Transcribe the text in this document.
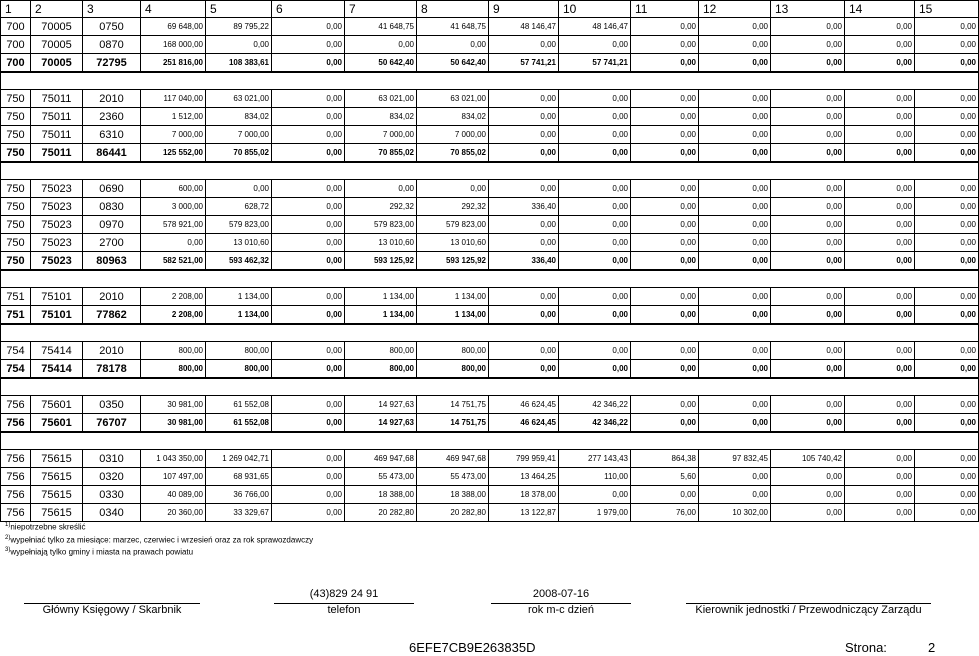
1	2	3	4	5	6	7	8	9	10	11	12	13	14	15
700	70005	0750	69 648,00	89 795,22	0,00	41 648,75	41 648,75	48 146,47	48 146,47	0,00	0,00	0,00	0,00	0,00
700	70005	0870	168 000,00	0,00	0,00	0,00	0,00	0,00	0,00	0,00	0,00	0,00	0,00	0,00
700	70005	72795	251 816,00	108 383,61	0,00	50 642,40	50 642,40	57 741,21	57 741,21	0,00	0,00	0,00	0,00	0,00

750	75011	2010	117 040,00	63 021,00	0,00	63 021,00	63 021,00	0,00	0,00	0,00	0,00	0,00	0,00	0,00
750	75011	2360	1 512,00	834,02	0,00	834,02	834,02	0,00	0,00	0,00	0,00	0,00	0,00	0,00
750	75011	6310	7 000,00	7 000,00	0,00	7 000,00	7 000,00	0,00	0,00	0,00	0,00	0,00	0,00	0,00
750	75011	86441	125 552,00	70 855,02	0,00	70 855,02	70 855,02	0,00	0,00	0,00	0,00	0,00	0,00	0,00

750	75023	0690	600,00	0,00	0,00	0,00	0,00	0,00	0,00	0,00	0,00	0,00	0,00	0,00
750	75023	0830	3 000,00	628,72	0,00	292,32	292,32	336,40	0,00	0,00	0,00	0,00	0,00	0,00
750	75023	0970	578 921,00	579 823,00	0,00	579 823,00	579 823,00	0,00	0,00	0,00	0,00	0,00	0,00	0,00
750	75023	2700	0,00	13 010,60	0,00	13 010,60	13 010,60	0,00	0,00	0,00	0,00	0,00	0,00	0,00
750	75023	80963	582 521,00	593 462,32	0,00	593 125,92	593 125,92	336,40	0,00	0,00	0,00	0,00	0,00	0,00

751	75101	2010	2 208,00	1 134,00	0,00	1 134,00	1 134,00	0,00	0,00	0,00	0,00	0,00	0,00	0,00
751	75101	77862	2 208,00	1 134,00	0,00	1 134,00	1 134,00	0,00	0,00	0,00	0,00	0,00	0,00	0,00

754	75414	2010	800,00	800,00	0,00	800,00	800,00	0,00	0,00	0,00	0,00	0,00	0,00	0,00
754	75414	78178	800,00	800,00	0,00	800,00	800,00	0,00	0,00	0,00	0,00	0,00	0,00	0,00

756	75601	0350	30 981,00	61 552,08	0,00	14 927,63	14 751,75	46 624,45	42 346,22	0,00	0,00	0,00	0,00	0,00
756	75601	76707	30 981,00	61 552,08	0,00	14 927,63	14 751,75	46 624,45	42 346,22	0,00	0,00	0,00	0,00	0,00

756	75615	0310	1 043 350,00	1 269 042,71	0,00	469 947,68	469 947,68	799 959,41	277 143,43	864,38	97 832,45	105 740,42	0,00	0,00
756	75615	0320	107 497,00	68 931,65	0,00	55 473,00	55 473,00	13 464,25	110,00	5,60	0,00	0,00	0,00	0,00
756	75615	0330	40 089,00	36 766,00	0,00	18 388,00	18 388,00	18 378,00	0,00	0,00	0,00	0,00	0,00	0,00
756	75615	0340	20 360,00	33 329,67	0,00	20 282,80	20 282,80	13 122,87	1 979,00	76,00	10 302,00	0,00	0,00	0,00
$^{1)}$niepotrzebne skreślić
$^{2)}$wypełniać tylko za miesiące: marzec, czerwiec i wrzesień oraz za rok sprawozdawczy
$^{3)}$wypełniają tylko gminy i miasta na prawach powiatu
Główny Księgowy / Skarbnik
(43)829 24 91
telefon
2008-07-16
rok m-c dzień	Kierownik jednostki / Przewodniczący Zarządu
6EFE7CB9E263835D	Strona:	2
